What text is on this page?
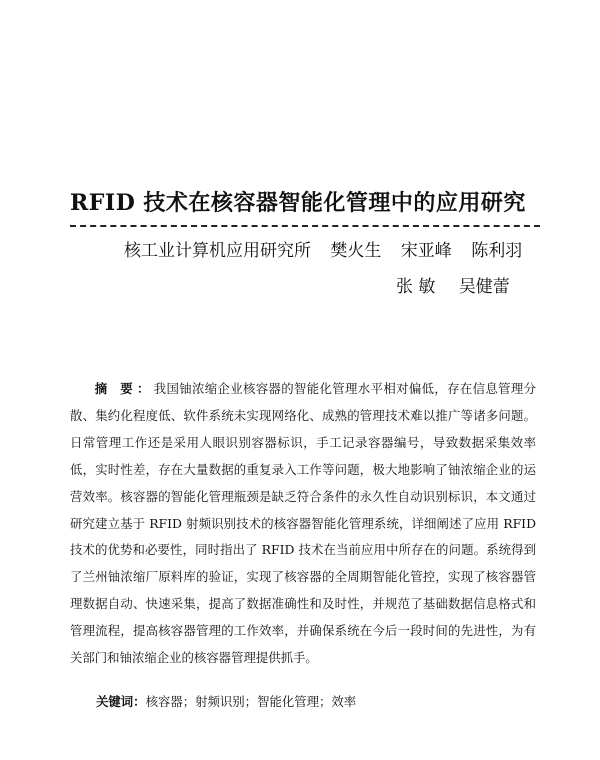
RFID 技术在核容器智能化管理中的应用研究
核工业计算机应用研究所 樊火生 宋亚峰 陈利羽
张 敏 吴健蕾
摘 要：我国铀浓缩企业核容器的智能化管理水平相对偏低，存在信息管理分散、集约化程度低、软件系统未实现网络化、成熟的管理技术难以推广等诸多问题。日常管理工作还是采用人眼识别容器标识，手工记录容器编号，导致数据采集效率低，实时性差，存在大量数据的重复录入工作等问题，极大地影响了铀浓缩企业的运营效率。核容器的智能化管理瓶颈是缺乏符合条件的永久性自动识别标识，本文通过研究建立基于 RFID 射频识别技术的核容器智能化管理系统，详细阐述了应用 RFID 技术的优势和必要性，同时指出了 RFID 技术在当前应用中所存在的问题。系统得到了兰州铀浓缩厂原料库的验证，实现了核容器的全周期智能化管控，实现了核容器管理数据自动、快速采集，提高了数据准确性和及时性，并规范了基础数据信息格式和管理流程，提高核容器管理的工作效率，并确保系统在今后一段时间的先进性，为有关部门和铀浓缩企业的核容器管理提供抓手。
关键词：核容器；射频识别；智能化管理；效率
